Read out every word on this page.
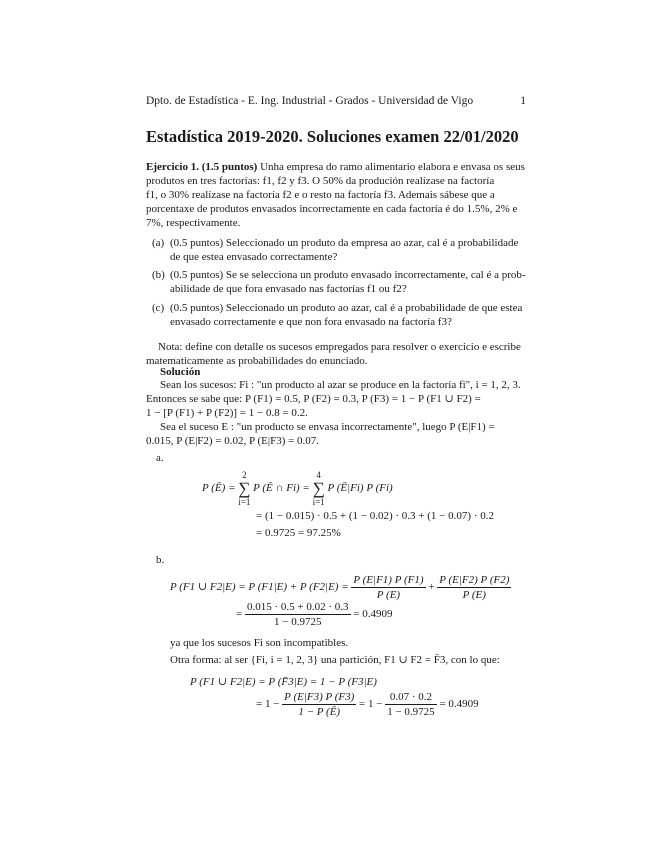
Dpto. de Estadística - E. Ing. Industrial - Grados - Universidad de Vigo	1
Estadística 2019-2020. Soluciones examen 22/01/2020
Ejercicio 1. (1.5 puntos) Unha empresa do ramo alimentario elabora e envasa os seus
produtos en tres factorías: f1, f2 y f3. O 50% da produción realízase na factoría
f1, o 30% realízase na factoría f2 e o resto na factoría f3. Ademais sábese que a
porcentaxe de produtos envasados incorrectamente en cada factoría é do 1.5%, 2% e
7%, respectivamente.
(a) (0.5 puntos) Seleccionado un produto da empresa ao azar, cal é a probabilidade
de que estea envasado correctamente?
(b) (0.5 puntos) Se se selecciona un produto envasado incorrectamente, cal é a prob-
abilidade de que fora envasado nas factorías f1 ou f2?
(c) (0.5 puntos) Seleccionado un produto ao azar, cal é a probabilidade de que estea
envasado correctamente e que non fora envasado na factoría f3?
Nota: define con detalle os sucesos empregados para resolver o exercicio e escribe
matematicamente as probabilidades do enunciado.
Solución
Sean los sucesos: Fi : "un producto al azar se produce en la factoría fi", i = 1, 2, 3.
Entonces se sabe que: P (F1) = 0.5, P (F2) = 0.3, P (F3) = 1 − P (F1 ∪ F2) =
1 − [P (F1) + P (F2)] = 1 − 0.8 = 0.2.
Sea el suceso E : "un producto se envasa incorrectamente", luego P (E|F1) =
0.015, P (E|F2) = 0.02, P (E|F3) = 0.07.
a.
P (Ē) = 2
∑
i=1 P (Ē ∩ Fi) = 4
∑
i=1 P (Ē|Fi) P (Fi)
= (1 − 0.015) · 0.5 + (1 − 0.02) · 0.3 + (1 − 0.07) · 0.2
= 0.9725 = 97.25%
b.
P (F1 ∪ F2|E) = P (F1|E) + P $(F2|E) = \frac{P (E|F1) P (F1)}{P (E)} + \frac{P (E|F2) P (F2)}{P (E)}$
= $\frac{0.015 \cdot 0.5 + 0.02 \cdot 0.3}{1 - 0.9725} = 0.4909$
ya que los sucesos Fi son incompatibles.
Otra forma: al ser {Fi, i = 1, 2, 3} una partición, F1 ∪ F2 = F̄3, con lo que:
P (F1 ∪ F2|E) = P (F̄3|E) = 1 − P (F3|E)
= $1 - \frac{P (E|F3) P (F3)}{1 - P (Ē)} = 1 - \frac{0.07 \cdot 0.2}{1 - 0.9725} = 0.4909$
